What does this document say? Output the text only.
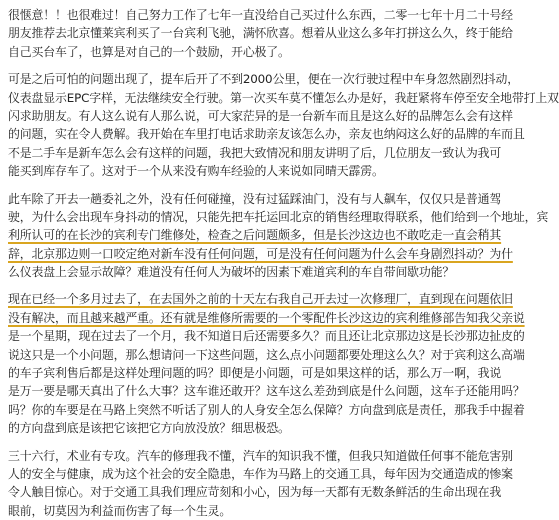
很惬意！！也很难过！自己努力工作了七年一直没给自己买过什么东西，二零一七年十月二十号经
朋友推荐去北京懂莱宾利买了一台宾利飞驰，满怀欣喜。想着从业这么多年打拼这么久，终于能给
自己买台车了，也算是对自己的一个鼓励，开心极了。
可是之后可怕的问题出现了，提车后开了不到2000公里，便在一次行驶过程中车身忽然剧烈抖动，
仪表盘显示EPC字样，无法继续安全行驶。第一次买车莫不懂怎么办是好，我赶紧将车停至安全地带打上双
闪求助朋友。有人这么说有人那么说，可大家茫异的是一台新车而且是这么好的品牌怎么会有这样
的问题，实在令人费解。我开始在车里打电话求助亲友该怎么办，亲友也纳闷这么好的品牌的车而且
不是二手车是新车怎么会有这样的问题，我把大致情况和朋友讲明了后，几位朋友一致认为我可
能买到库存车了。这对于一个从来没有购车经验的人来说如同晴天霹雳。
此车除了开去一趟委礼之外，没有任何碰撞，没有过猛踩油门，没有与人飙车，仅仅只是普通驾
驶，为什么会出现车身抖动的情况，只能先把车托运回北京的销售经理取得联系，他们给到一个地址，宾
利所认可的在长沙的宾利专门维修处，检查之后问题颇多，但是长沙这边也不敢吃走一直会稍其
辞，北京那边则一口咬定绝对新车没有任何问题，可是没有任何问题为什么会车身剧烈抖动？为什
么仪表盘上会显示故障？难道没有任何人为破坏的因素下难道宾利的车自带间歇功能？
现在已经一个多月过去了，在去国外之前的十天左右我自己开去过一次修理厂，直到现在问题依旧
没有解决，而且越来越严重。还有就是维修所需要的一个零配件长沙这边的宾利维修部告知我父亲说
是一个星期，现在过去了一个月，我不知道日后还需要多久？而且还让北京那边这是长沙那边扯皮的
说这只是一个小问题，那么想请问一下这些问题，这么点小问题都要处理这么久？对于宾利这么高端
的车子宾利售后都是这样处理问题的吗？即便是小问题，可是如果这样的话，那么万一啊，我说
是万一要是哪天真出了什么大事？这车谁还敢开？这车这么差劲到底是什么问题，这车子还能用吗？
吗？你的车要是在马路上突然不听话了别人的人身安全怎么保障？方向盘到底是责任，那我手中握着
的方向盘到底是该把它该把它方向放没放？细思极恐。
三十六行，术业有专攻。汽车的修理我不懂，汽车的知识我不懂，但我只知道做任何事不能危害别
人的安全与健康，成为这个社会的安全隐患，车作为马路上的交通工具，每年因为交通造成的惨案
令人触目惊心。对于交通工具我们理应苛刻和小心，因为每一天都有无数条鲜活的生命出现在我
眼前，切莫因为利益而伤害了每一个生灵。
